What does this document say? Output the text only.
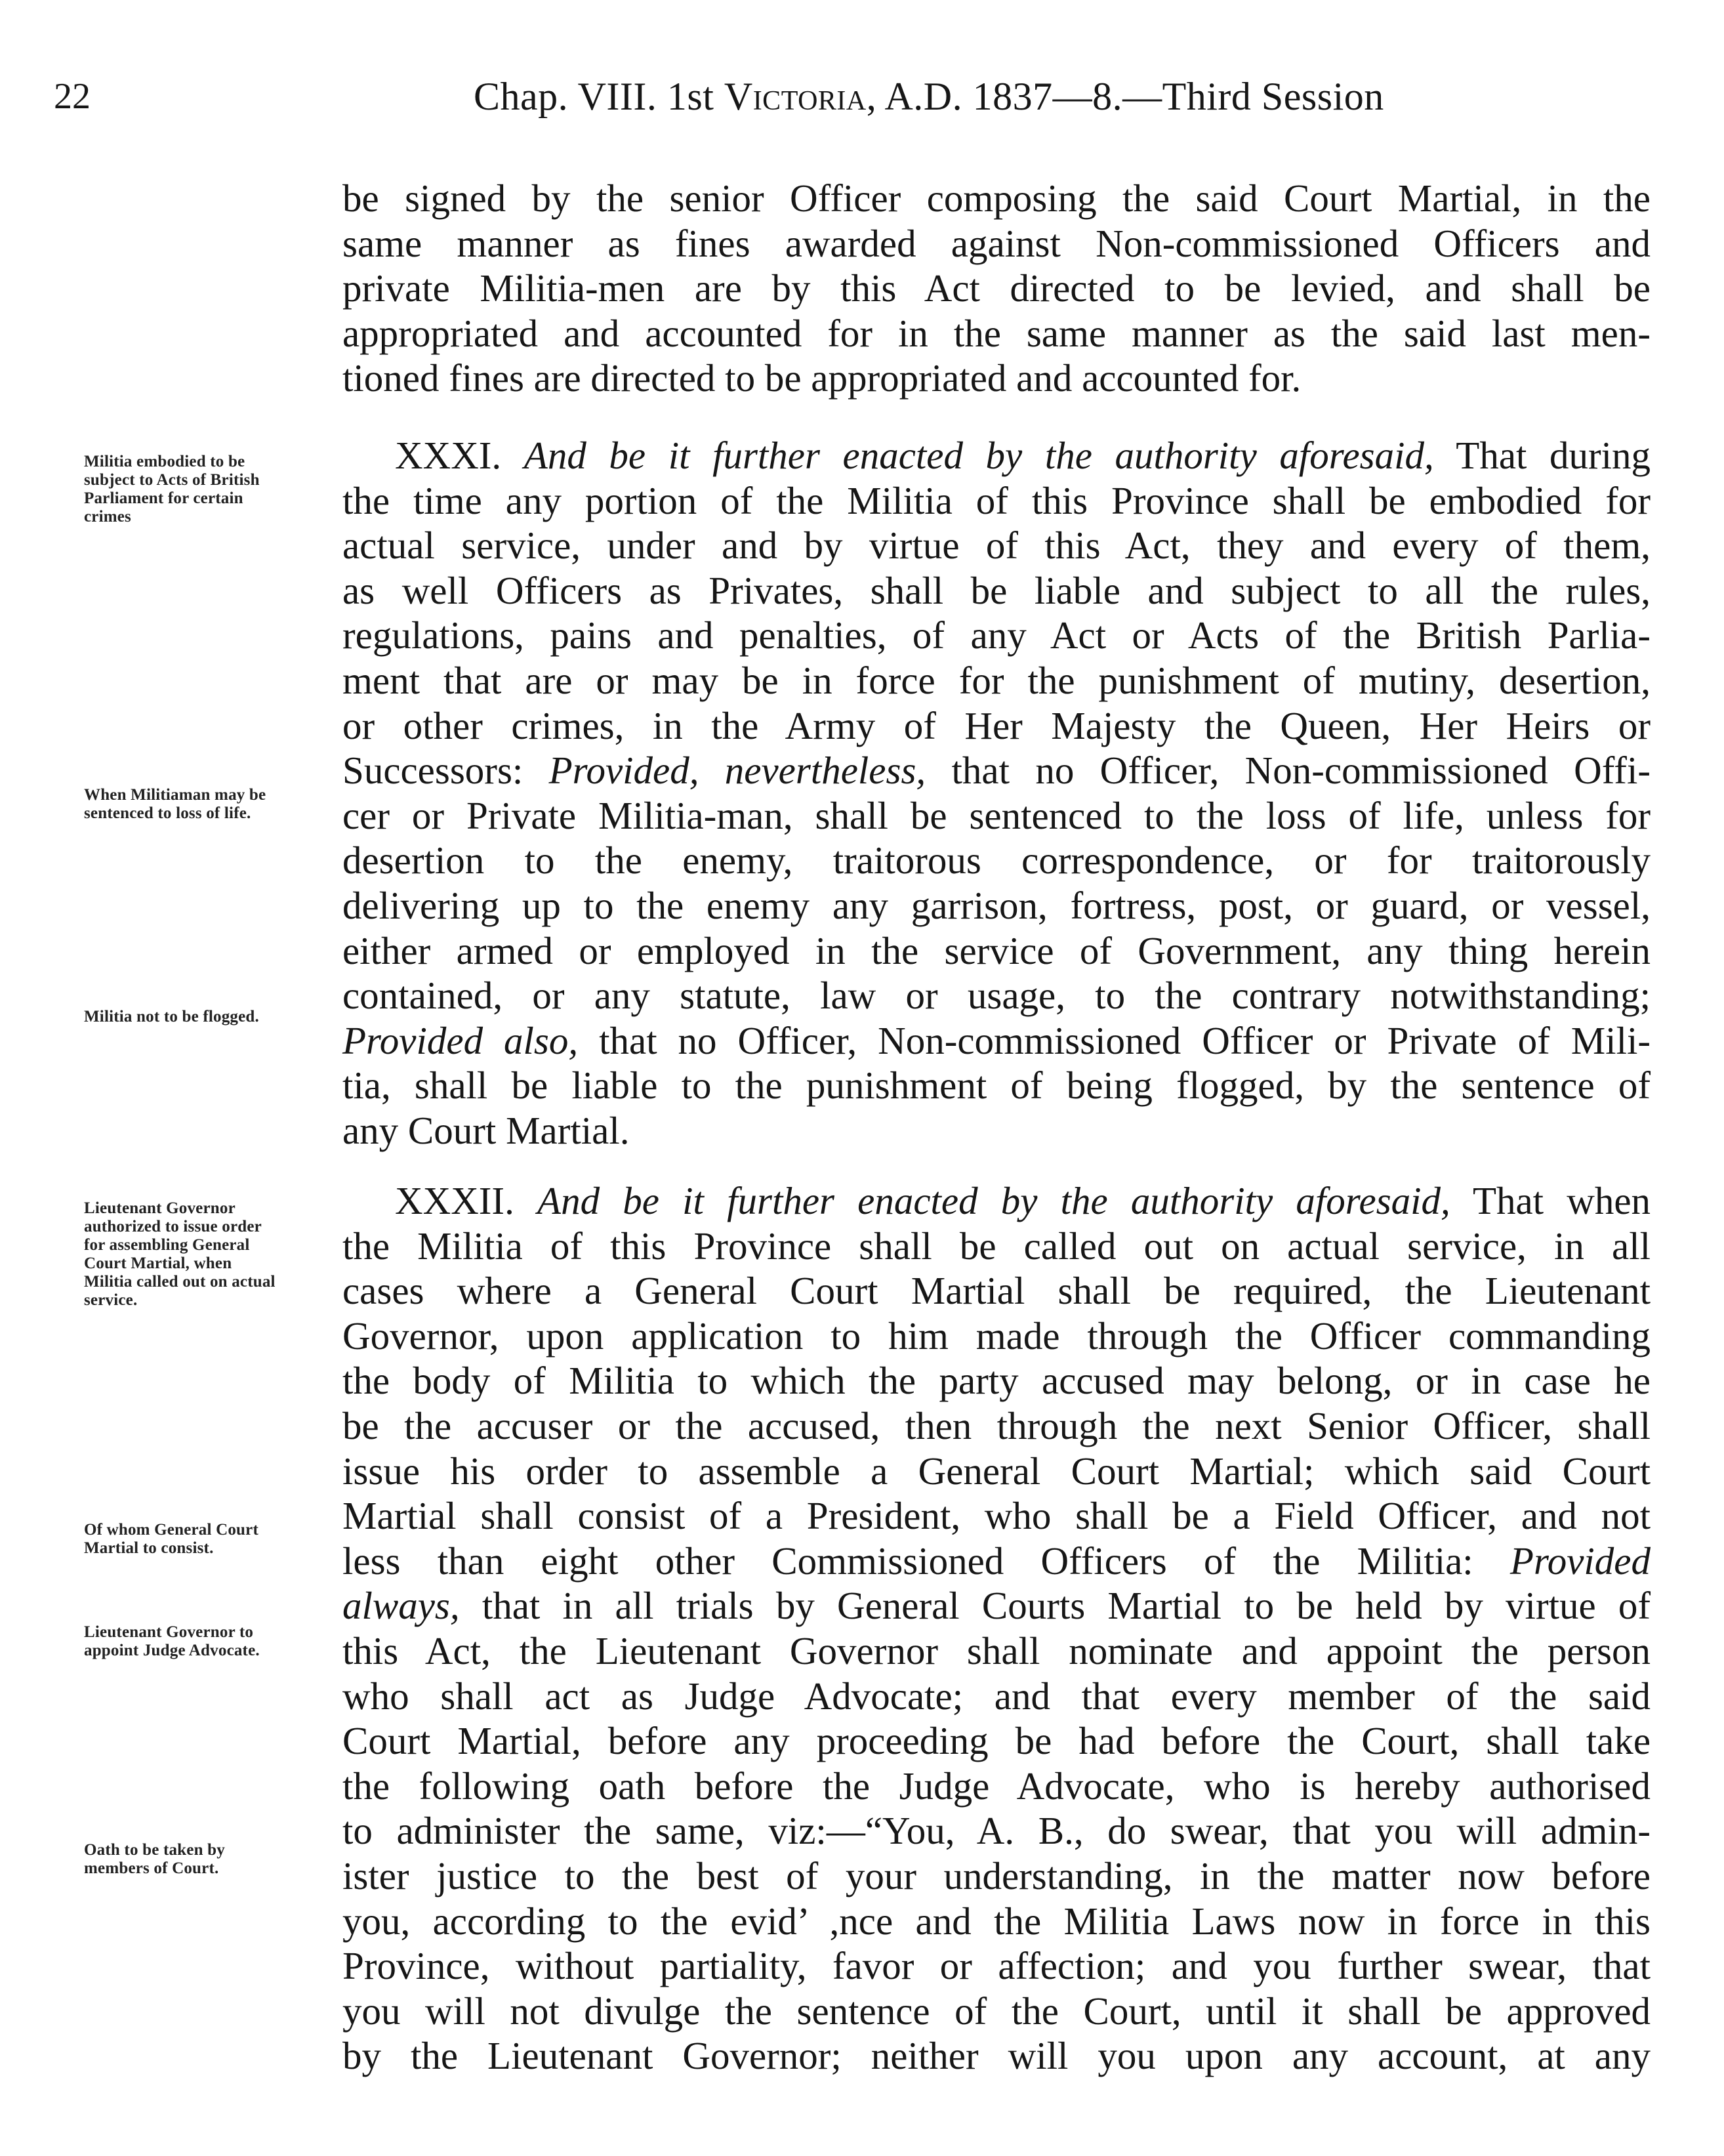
22	Chap. VIII. 1st Victoria, A.D. 1837—8.—Third Session
be signed by the senior Officer composing the said Court Martial, in the
same manner as fines awarded against Non-commissioned Officers and
private Militia-men are by this Act directed to be levied, and shall be
appropriated and accounted for in the same manner as the said last men-
tioned fines are directed to be appropriated and accounted for.
XXXI. And be it further enacted by the authority aforesaid, That during
the time any portion of the Militia of this Province shall be embodied for
actual service, under and by virtue of this Act, they and every of them,
as well Officers as Privates, shall be liable and subject to all the rules,
regulations, pains and penalties, of any Act or Acts of the British Parlia-
ment that are or may be in force for the punishment of mutiny, desertion,
or other crimes, in the Army of Her Majesty the Queen, Her Heirs or
Successors: Provided, nevertheless, that no Officer, Non-commissioned Offi-
cer or Private Militia-man, shall be sentenced to the loss of life, unless for
desertion to the enemy, traitorous correspondence, or for traitorously
delivering up to the enemy any garrison, fortress, post, or guard, or vessel,
either armed or employed in the service of Government, any thing herein
contained, or any statute, law or usage, to the contrary notwithstanding;
Provided also, that no Officer, Non-commissioned Officer or Private of Mili-
tia, shall be liable to the punishment of being flogged, by the sentence of
any Court Martial.
XXXII. And be it further enacted by the authority aforesaid, That when
the Militia of this Province shall be called out on actual service, in all
cases where a General Court Martial shall be required, the Lieutenant
Governor, upon application to him made through the Officer commanding
the body of Militia to which the party accused may belong, or in case he
be the accuser or the accused, then through the next Senior Officer, shall
issue his order to assemble a General Court Martial; which said Court
Martial shall consist of a President, who shall be a Field Officer, and not
less than eight other Commissioned Officers of the Militia: Provided
always, that in all trials by General Courts Martial to be held by virtue of
this Act, the Lieutenant Governor shall nominate and appoint the person
who shall act as Judge Advocate; and that every member of the said
Court Martial, before any proceeding be had before the Court, shall take
the following oath before the Judge Advocate, who is hereby authorised
to administer the same, viz:—“You, A. B., do swear, that you will admin-
ister justice to the best of your understanding, in the matter now before
you, according to the evid’ ,nce and the Militia Laws now in force in this
Province, without partiality, favor or affection; and you further swear, that
you will not divulge the sentence of the Court, until it shall be approved
by the Lieutenant Governor; neither will you upon any account, at any
Militia embodied to be
subject to Acts of British
Parliament for certain
crimes
When Militiaman may be
sentenced to loss of life.
Militia not to be flogged.
Lieutenant Governor
authorized to issue order
for assembling General
Court Martial, when
Militia called out on actual
service.
Of whom General Court
Martial to consist.
Lieutenant Governor to
appoint Judge Advocate.
Oath to be taken by
members of Court.
